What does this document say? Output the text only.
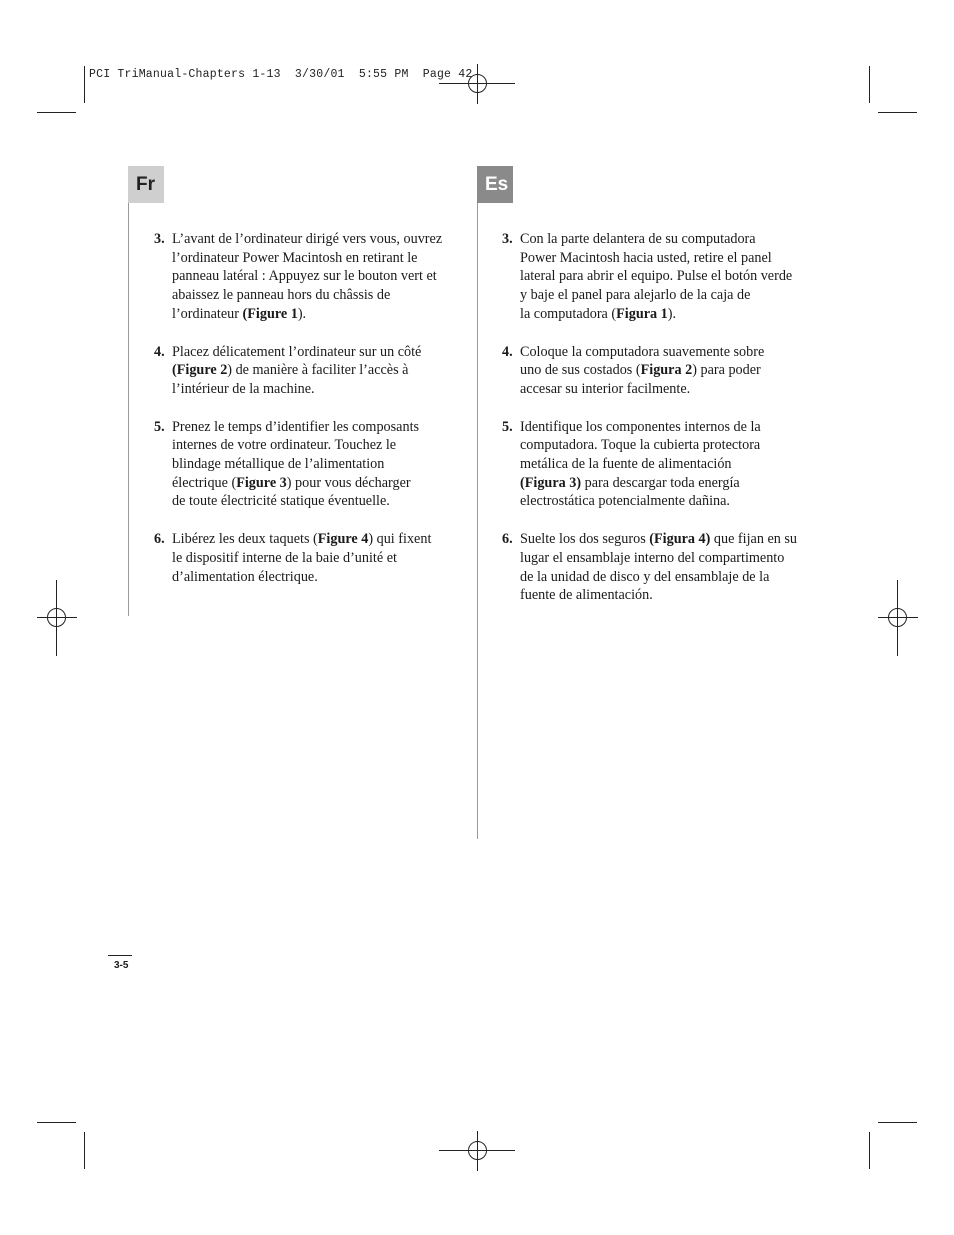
PCI TriManual-Chapters 1-13  3/30/01  5:55 PM  Page 42
Fr	Es
3. L’avant de l’ordinateur dirigé vers vous, ouvrez
l’ordinateur Power Macintosh en retirant le
panneau latéral : Appuyez sur le bouton vert et
abaissez le panneau hors du châssis de
l’ordinateur (Figure 1).
4. Placez délicatement l’ordinateur sur un côté
(Figure 2) de manière à faciliter l’accès à
l’intérieur de la machine.
5. Prenez le temps d’identifier les composants
internes de votre ordinateur. Touchez le
blindage métallique de l’alimentation
électrique (Figure 3) pour vous décharger
de toute électricité statique éventuelle.
6. Libérez les deux taquets (Figure 4) qui fixent
le dispositif interne de la baie d’unité et
d’alimentation électrique.
3. Con la parte delantera de su computadora
Power Macintosh hacia usted, retire el panel
lateral para abrir el equipo. Pulse el botón verde
y baje el panel para alejarlo de la caja de
la computadora (Figura 1).
4. Coloque la computadora suavemente sobre
uno de sus costados (Figura 2) para poder
accesar su interior facilmente.
5. Identifique los componentes internos de la
computadora. Toque la cubierta protectora
metálica de la fuente de alimentación
(Figura 3) para descargar toda energía
electrostática potencialmente dañina.
6. Suelte los dos seguros (Figura 4) que fijan en su
lugar el ensamblaje interno del compartimento
de la unidad de disco y del ensamblaje de la
fuente de alimentación.
3-5
